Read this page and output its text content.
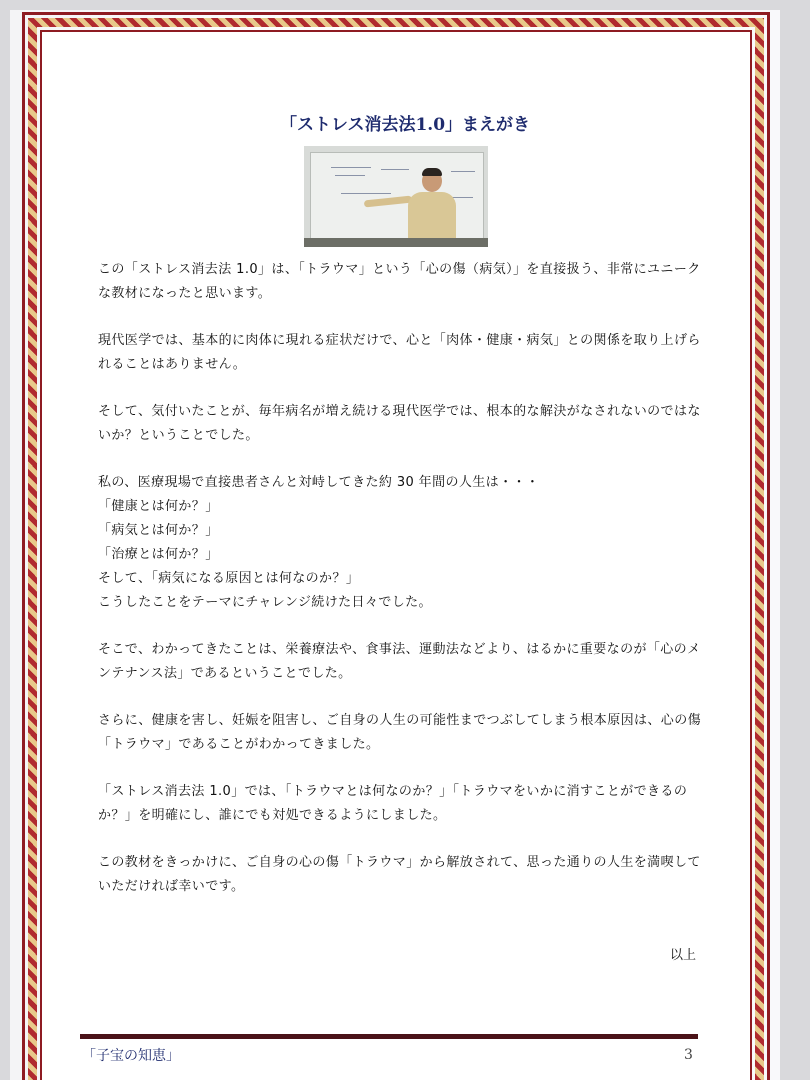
「ストレス消去法1.0」まえがき

この「ストレス消去法 1.0」は、「トラウマ」という「心の傷（病気）」を直接扱う、非常にユニークな教材になったと思います。

現代医学では、基本的に肉体に現れる症状だけで、心と「肉体・健康・病気」との関係を取り上げられることはありません。

そして、気付いたことが、毎年病名が増え続ける現代医学では、根本的な解決がなされないのではないか？ということでした。

私の、医療現場で直接患者さんと対峙してきた約 30 年間の人生は・・・
「健康とは何か？」
「病気とは何か？」
「治療とは何か？」
そして、「病気になる原因とは何なのか？」
こうしたことをテーマにチャレンジ続けた日々でした。

そこで、わかってきたことは、栄養療法や、食事法、運動法などより、はるかに重要なのが「心のメンテナンス法」であるということでした。

さらに、健康を害し、妊娠を阻害し、ご自身の人生の可能性までつぶしてしまう根本原因は、心の傷「トラウマ」であることがわかってきました。

「ストレス消去法 1.0」では、「トラウマとは何なのか？」「トラウマをいかに消すことができるのか？」を明確にし、誰にでも対処できるようにしました。

この教材をきっかけに、ご自身の心の傷「トラウマ」から解放されて、思った通りの人生を満喫していただければ幸いです。

以上
「子宝の知恵」	3
